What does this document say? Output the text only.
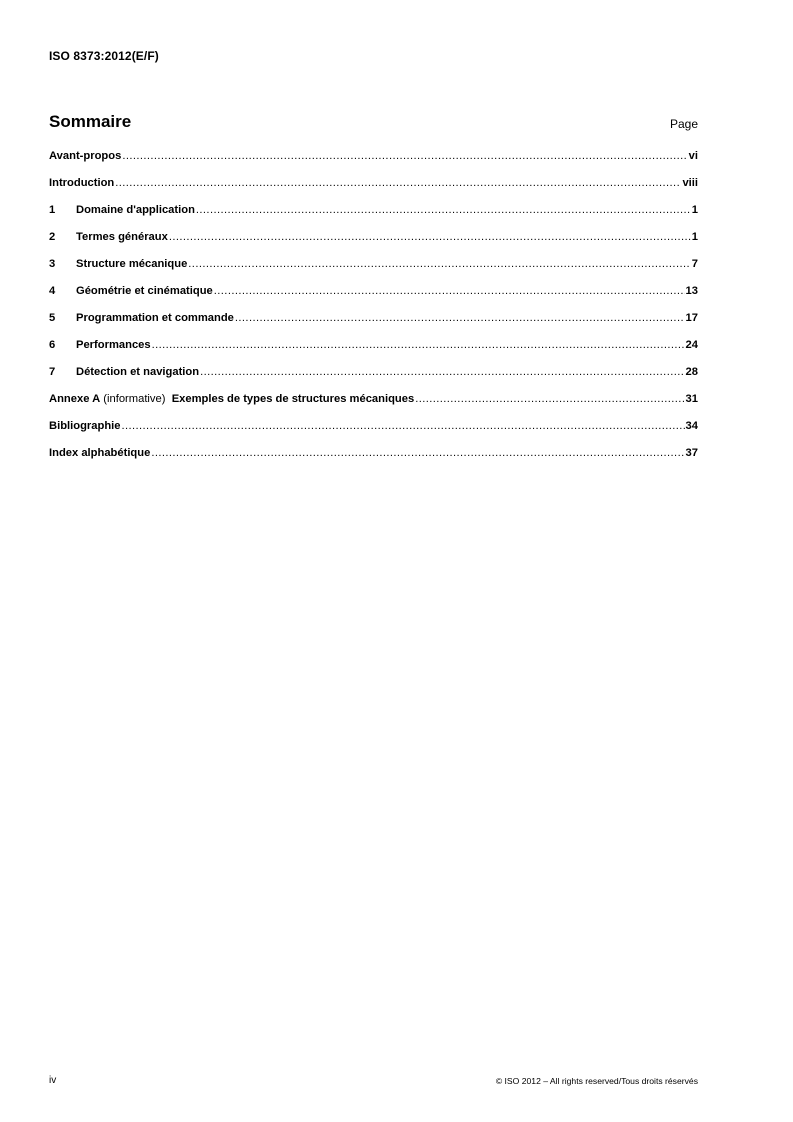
ISO 8373:2012(E/F)
Sommaire	Page
Avant-propos .....	vi
Introduction .....	viii
1	Domaine d'application .....	1
2	Termes généraux .....	1
3	Structure mécanique .....	7
4	Géométrie et cinématique .....	13
5	Programmation et commande .....	17
6	Performances .....	24
7	Détection et navigation .....	28
Annexe A (informative) Exemples de types de structures mécaniques .....	31
Bibliographie .....	34
Index alphabétique .....	37
iv	© ISO 2012 – All rights reserved/Tous droits réservés
